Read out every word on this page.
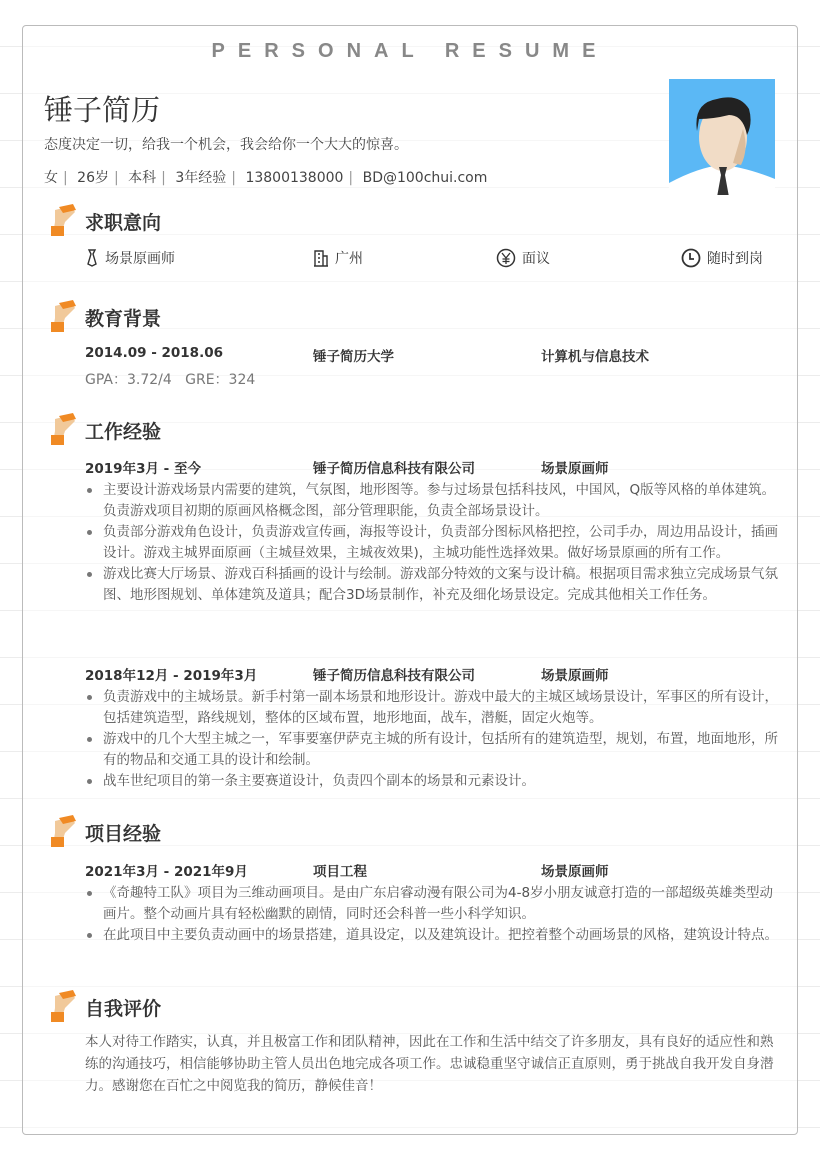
PERSONAL RESUME
锤子简历
态度决定一切，给我一个机会，我会给你一个大大的惊喜。
女 | 26岁 | 本科 | 3年经验 | 13800138000 | BD@100chui.com
求职意向
场景原画师	广州	面议	随时到岗
教育背景
2014.09 - 2018.06	锤子简历大学	计算机与信息技术
GPA：3.72/4   GRE：324
工作经验
2019年3月 - 至今	锤子简历信息科技有限公司	场景原画师
主要设计游戏场景内需要的建筑，气氛图，地形图等。参与过场景包括科技风，中国风，Q版等风格的单体建筑。负责游戏项目初期的原画风格概念图，部分管理职能，负责全部场景设计。
负责部分游戏角色设计，负责游戏宣传画，海报等设计，负责部分图标风格把控，公司手办，周边用品设计，插画设计。游戏主城界面原画（主城昼效果，主城夜效果)，主城功能性选择效果。做好场景原画的所有工作。
游戏比赛大厅场景、游戏百科插画的设计与绘制。游戏部分特效的文案与设计稿。根据项目需求独立完成场景气氛图、地形图规划、单体建筑及道具；配合3D场景制作，补充及细化场景设定。完成其他相关工作任务。
2018年12月 - 2019年3月	锤子简历信息科技有限公司	场景原画师
负责游戏中的主城场景。新手村第一副本场景和地形设计。游戏中最大的主城区域场景设计，军事区的所有设计，包括建筑造型，路线规划，整体的区域布置，地形地面，战车，潜艇，固定火炮等。
游戏中的几个大型主城之一，军事要塞伊萨克主城的所有设计，包括所有的建筑造型，规划，布置，地面地形，所有的物品和交通工具的设计和绘制。
战车世纪项目的第一条主要赛道设计，负责四个副本的场景和元素设计。
项目经验
2021年3月 - 2021年9月	项目工程	场景原画师
《奇趣特工队》项目为三维动画项目。是由广东启睿动漫有限公司为4-8岁小朋友诚意打造的一部超级英雄类型动画片。整个动画片具有轻松幽默的剧情，同时还会科普一些小科学知识。
在此项目中主要负责动画中的场景搭建，道具设定，以及建筑设计。把控着整个动画场景的风格，建筑设计特点。
自我评价
本人对待工作踏实，认真，并且极富工作和团队精神，因此在工作和生活中结交了许多朋友，具有良好的适应性和熟练的沟通技巧，相信能够协助主管人员出色地完成各项工作。忠诚稳重坚守诚信正直原则，勇于挑战自我开发自身潜力。感谢您在百忙之中阅览我的简历，静候佳音！
